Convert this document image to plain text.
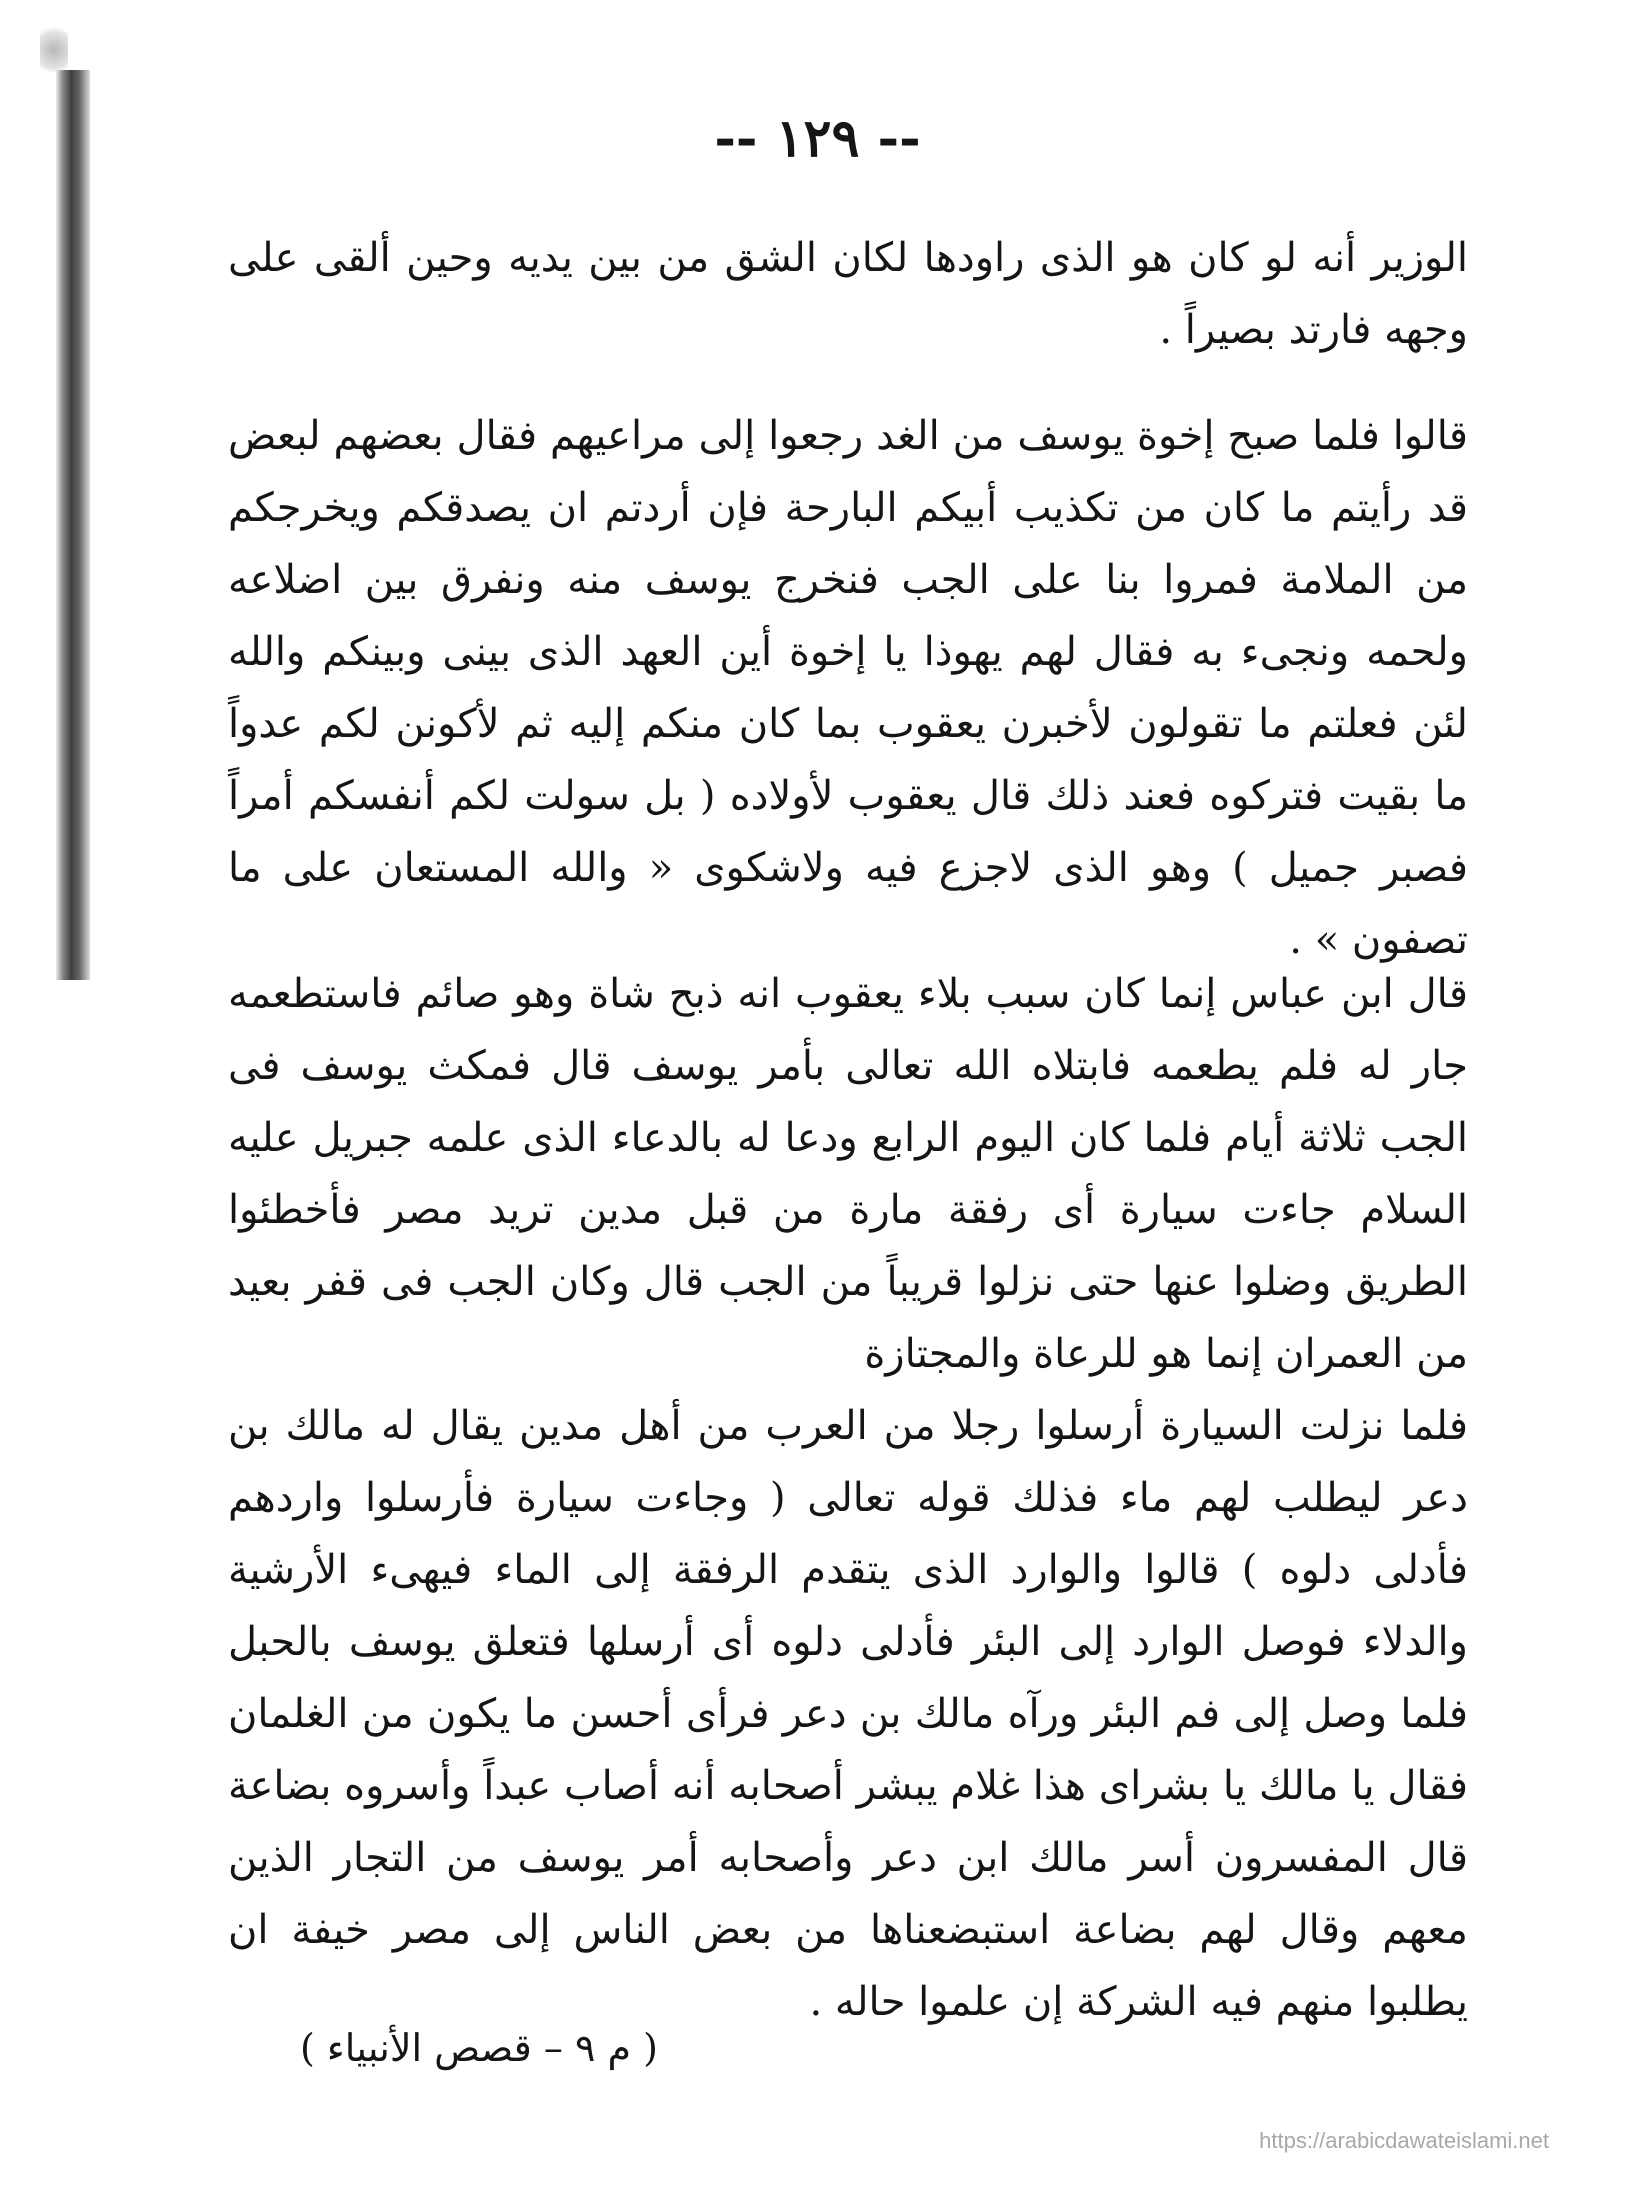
-- ١٢٩ --

الوزير أنه لو كان هو الذى راودها لكان الشق من بين يديه وحين ألقى على وجهه فارتد بصيراً .

قالوا فلما صبح إخوة يوسف من الغد رجعوا إلى مراعيهم فقال بعضهم لبعض قد رأيتم ما كان من تكذيب أبيكم البارحة فإن أردتم ان يصدقكم ويخرجكم من الملامة فمروا بنا على الجب فنخرج يوسف منه ونفرق بين اضلاعه ولحمه ونجىء به فقال لهم يهوذا يا إخوة أين العهد الذى بينى وبينكم والله لئن فعلتم ما تقولون لأخبرن يعقوب بما كان منكم إليه ثم لأكونن لكم عدواً ما بقيت فتركوه فعند ذلك قال يعقوب لأولاده ( بل سولت لكم أنفسكم أمراً فصبر جميل ) وهو الذى لاجزع فيه ولاشكوى « والله المستعان على ما تصفون » .

قال ابن عباس إنما كان سبب بلاء يعقوب انه ذبح شاة وهو صائم فاستطعمه جار له فلم يطعمه فابتلاه الله تعالى بأمر يوسف قال فمكث يوسف فى الجب ثلاثة أيام فلما كان اليوم الرابع ودعا له بالدعاء الذى علمه جبريل عليه السلام جاءت سيارة أى رفقة مارة من قبل مدين تريد مصر فأخطئوا الطريق وضلوا عنها حتى نزلوا قريباً من الجب قال وكان الجب فى قفر بعيد من العمران إنما هو للرعاة والمجتازة

فلما نزلت السيارة أرسلوا رجلا من العرب من أهل مدين يقال له مالك بن دعر ليطلب لهم ماء فذلك قوله تعالى ( وجاءت سيارة فأرسلوا واردهم فأدلى دلوه ) قالوا والوارد الذى يتقدم الرفقة إلى الماء فيهىء الأرشية والدلاء فوصل الوارد إلى البئر فأدلى دلوه أى أرسلها فتعلق يوسف بالحبل فلما وصل إلى فم البئر ورآه مالك بن دعر فرأى أحسن ما يكون من الغلمان فقال يا مالك يا بشراى هذا غلام يبشر أصحابه أنه أصاب عبداً وأسروه بضاعة قال المفسرون أسر مالك ابن دعر وأصحابه أمر يوسف من التجار الذين معهم وقال لهم بضاعة استبضعناها من بعض الناس إلى مصر خيفة ان يطلبوا منهم فيه الشركة إن علموا حاله .

( م ٩ – قصص الأنبياء )

https://arabicdawateislami.net
